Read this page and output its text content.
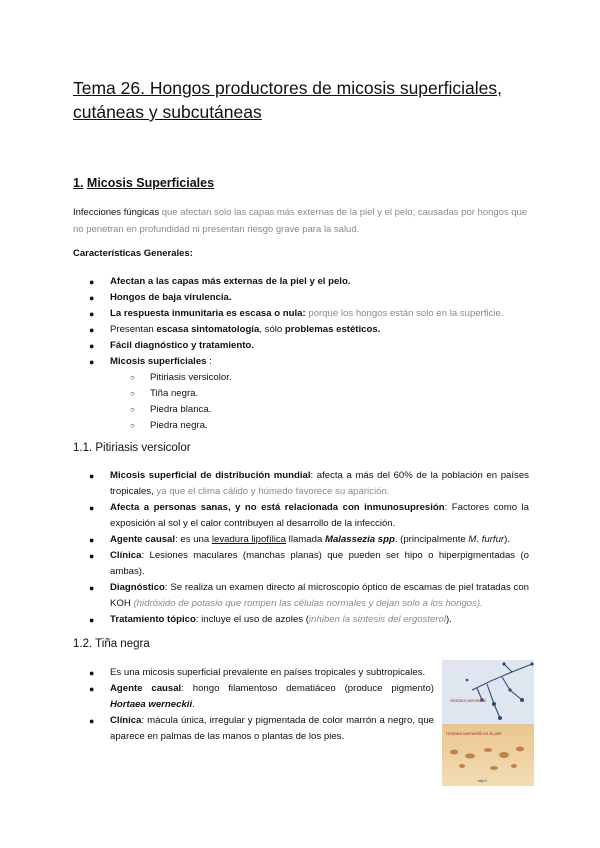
Tema 26. Hongos productores de micosis superficiales,
cutáneas y subcutáneas
1. Micosis Superficiales

Infecciones fúngicas que afectan solo las capas más externas de la piel y el pelo, causadas por hongos que no penetran en profundidad ni presentan riesgo grave para la salud.

Características Generales:

● Afectan a las capas más externas de la piel y el pelo.
● Hongos de baja virulencia.
● La respuesta inmunitaria es escasa o nula: porque los hongos están solo en la superficie.
● Presentan escasa sintomatología, sólo problemas estéticos.
● Fácil diagnóstico y tratamiento.
● Micosis superficiales :
○ Pitiriasis versicolor.
○ Tiña negra.
○ Piedra blanca.
○ Piedra negra.
1.1. Pitiriasis versicolor
● Micosis superficial de distribución mundial: afecta a más del 60% de la población en países tropicales, ya que el clima cálido y húmedo favorece su aparición.
● Afecta a personas sanas, y no está relacionada con inmunosupresión: Factores como la exposición al sol y el calor contribuyen al desarrollo de la infección.
● Agente causal: es una levadura lipofílica llamada Malassezia spp. (principalmente M. furfur).
● Clínica: Lesiones maculares (manchas planas) que pueden ser hipo o hiperpigmentadas (o ambas).
● Diagnóstico: Se realiza un examen directo al microscopio óptico de escamas de piel tratadas con KOH (hidróxido de potasio que rompen las células normales y dejan solo a los hongos).
● Tratamiento tópico: incluye el uso de azoles (inhiben la síntesis del ergosterol).
1.2. Tiña negra
● Es una micosis superficial prevalente en países tropicales y subtropicales.
● Agente causal: hongo filamentoso dematiáceo (produce pigmento) Hortaea werneckii.
● Clínica: mácula única, irregular y pigmentada de color marrón a negro, que aparece en palmas de las manos o plantas de los pies.
Hortaea werneckii
Hortaea werneckii en la piel
http://…
